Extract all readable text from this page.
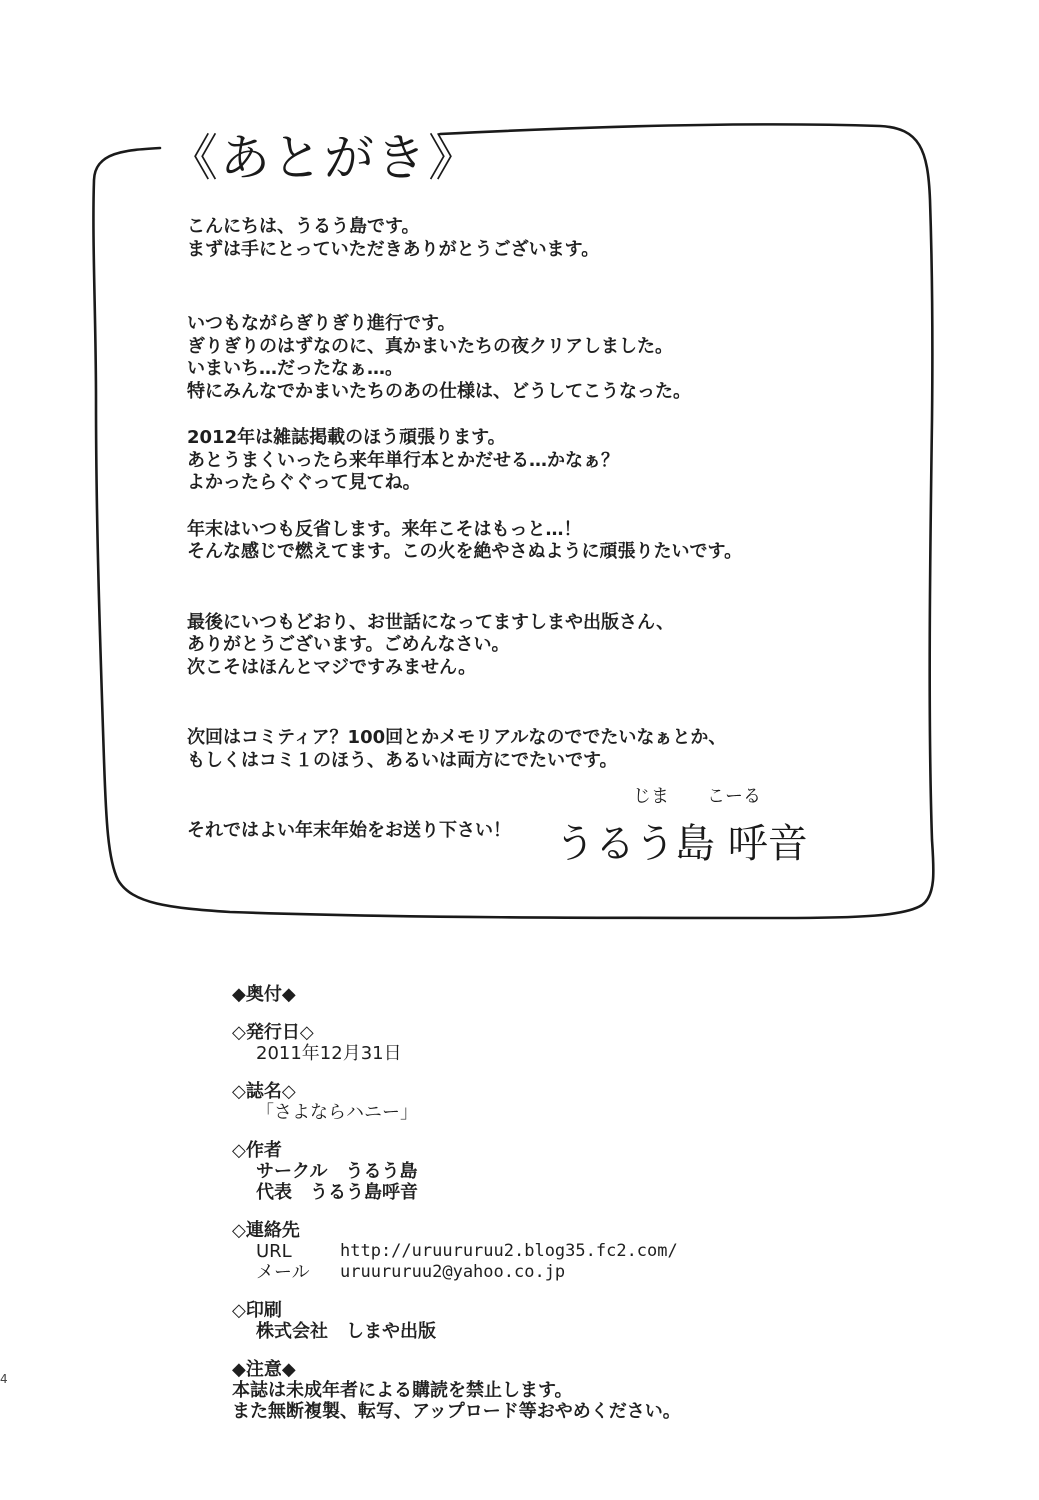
《あとがき》
こんにちは、うるう島です。
まずは手にとっていただきありがとうございます。
いつもながらぎりぎり進行です。
ぎりぎりのはずなのに、真かまいたちの夜クリアしました。
いまいち…だったなぁ…。
特にみんなでかまいたちのあの仕様は、どうしてこうなった。
2012年は雑誌掲載のほう頑張ります。
あとうまくいったら来年単行本とかだせる…かなぁ？
よかったらぐぐって見てね。
年末はいつも反省します。来年こそはもっと…！
そんな感じで燃えてます。この火を絶やさぬように頑張りたいです。
最後にいつもどおり、お世話になってますしまや出版さん、
ありがとうございます。ごめんなさい。
次こそはほんとマジですみません。
次回はコミティア？100回とかメモリアルなのででたいなぁとか、
もしくはコミ１のほう、あるいは両方にでたいです。
それではよい年末年始をお送り下さい！
じま こーる
うるう島 呼音
◆奥付◆
◇発行日◇
2011年12月31日
◇誌名◇
「さよならハニー」
◇作者
サークル　うるう島
代表　うるう島呼音
◇連絡先
URL	http://uruururuu2.blog35.fc2.com/
メール	uruururuu2@yahoo.co.jp
◇印刷
株式会社　しまや出版
◆注意◆
本誌は未成年者による購読を禁止します。
また無断複製、転写、アップロード等おやめください。
4
